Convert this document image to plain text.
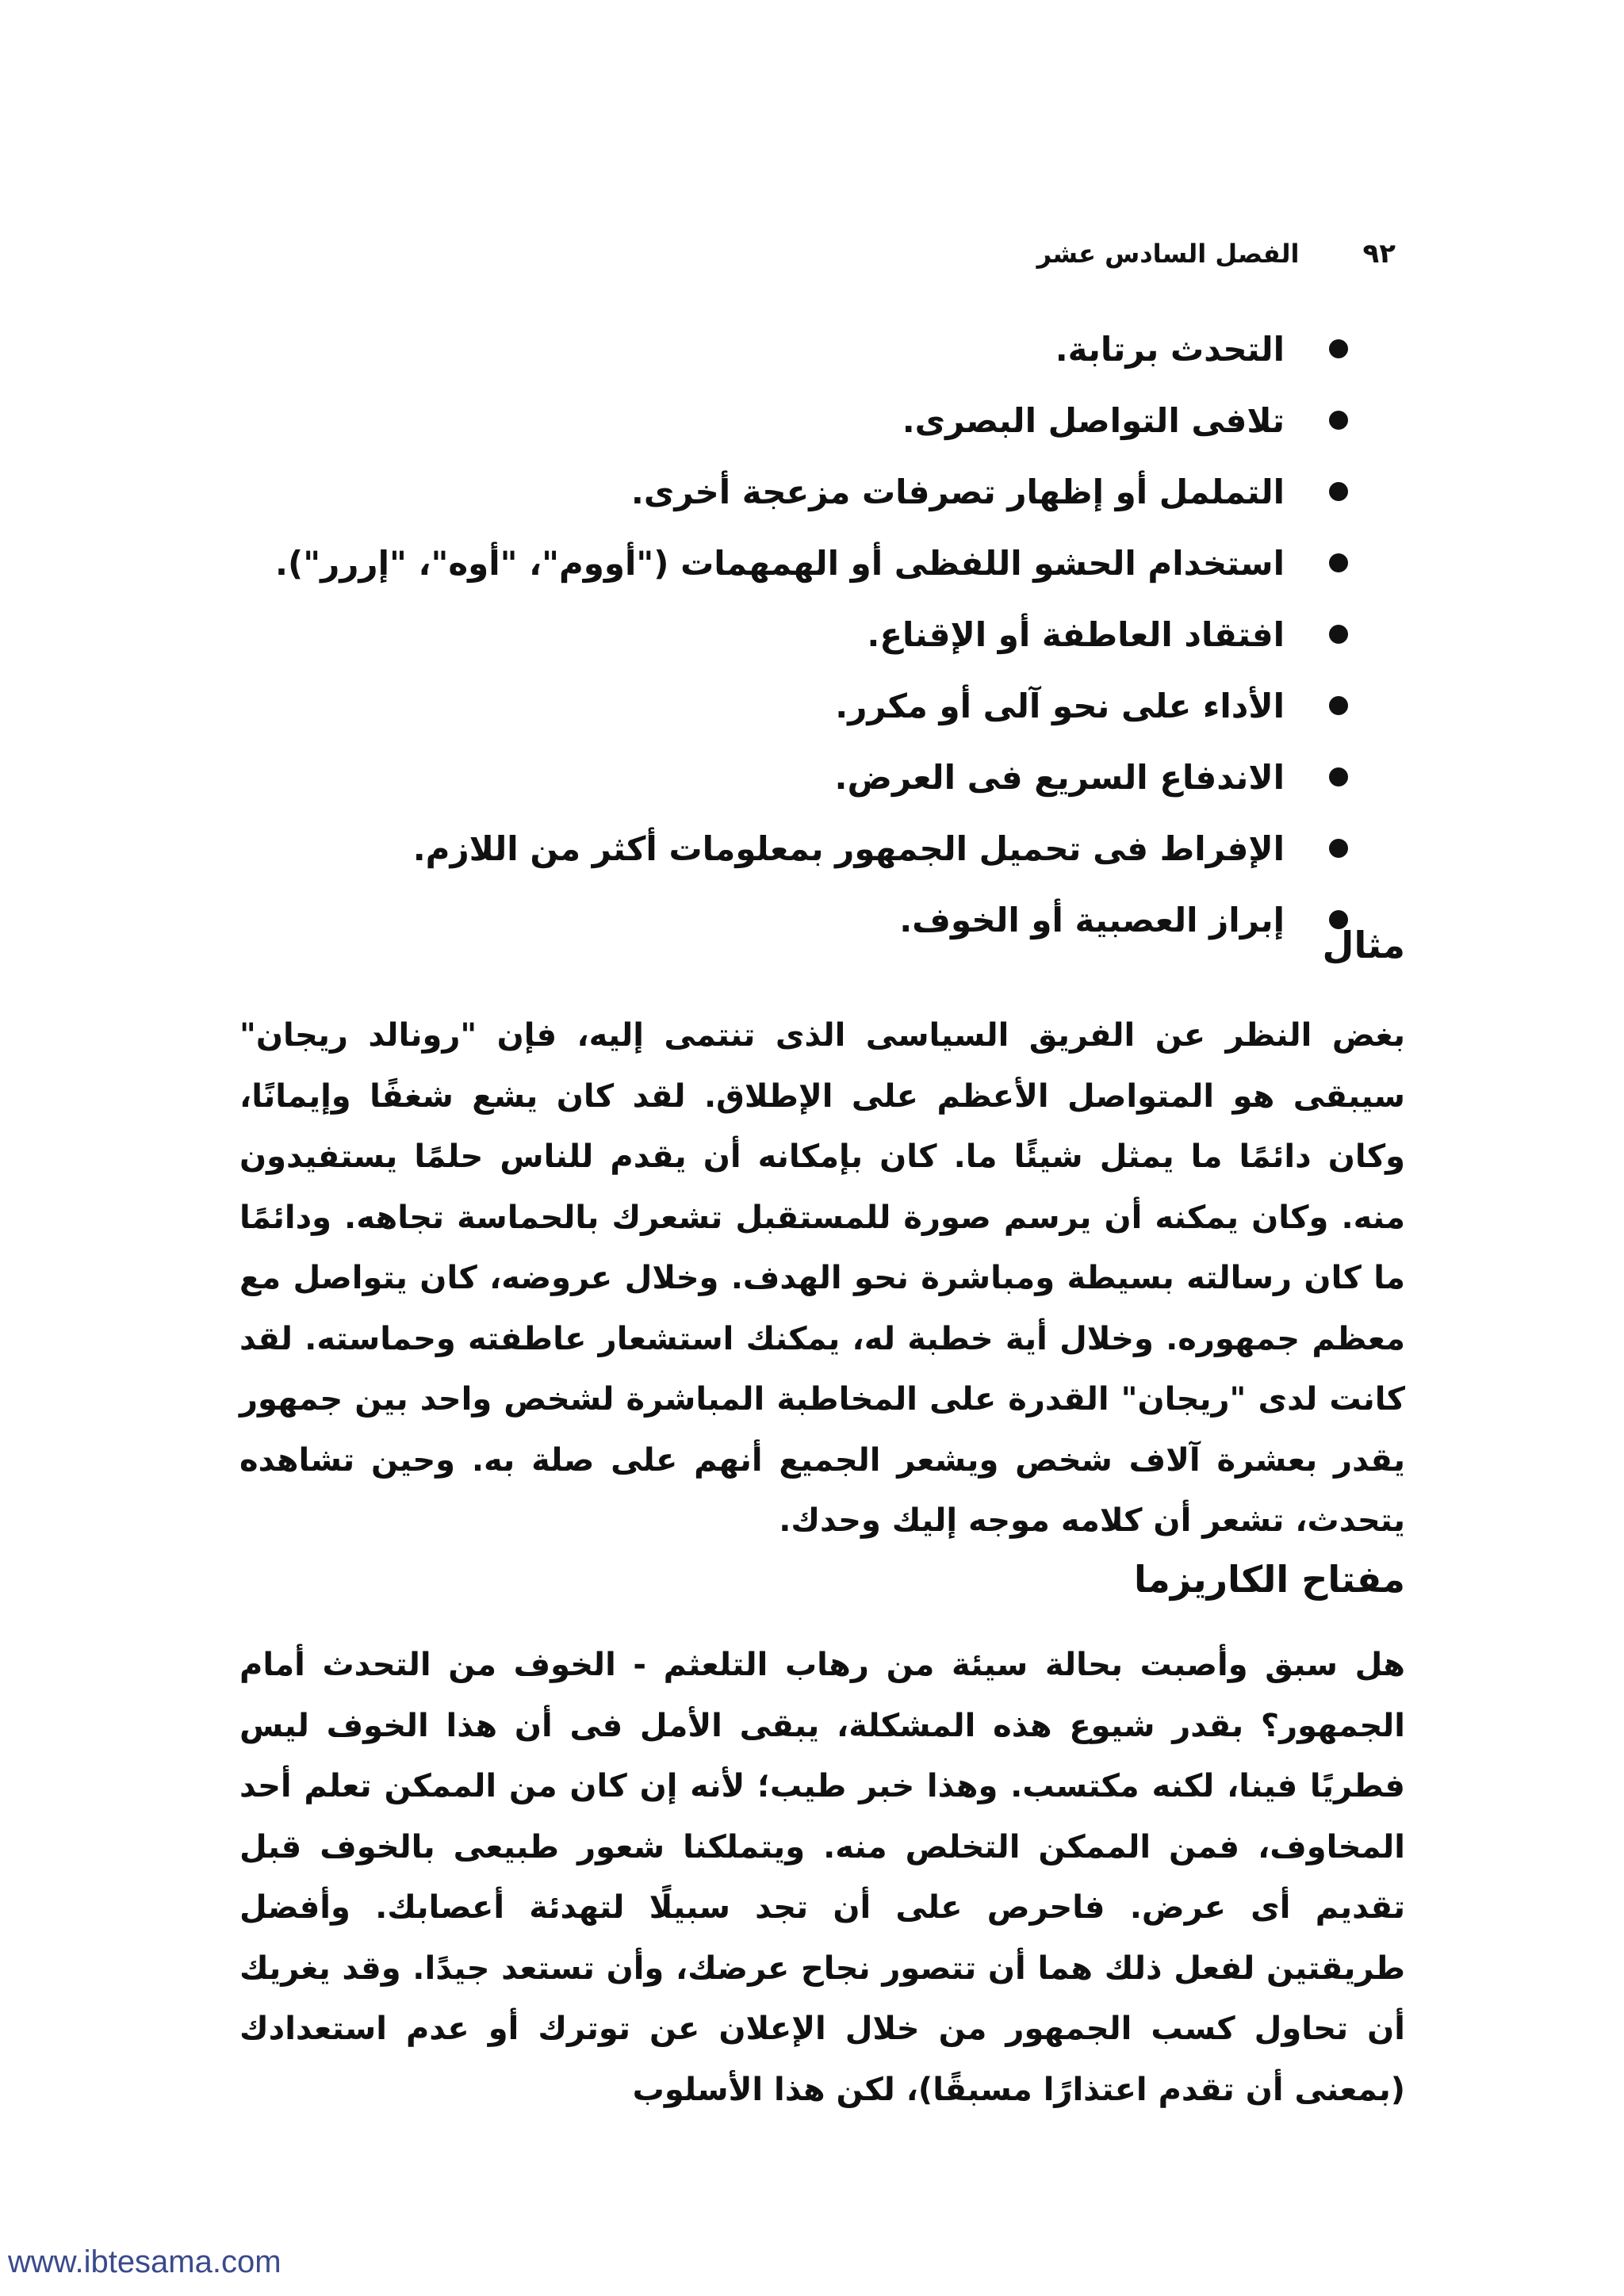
٩٢
الفصل السادس عشر
التحدث برتابة.
تلافى التواصل البصرى.
التململ أو إظهار تصرفات مزعجة أخرى.
استخدام الحشو اللفظى أو الهمهمات ("أووم"، "أوه"، "إررر").
افتقاد العاطفة أو الإقناع.
الأداء على نحو آلى أو مكرر.
الاندفاع السريع فى العرض.
الإفراط فى تحميل الجمهور بمعلومات أكثر من اللازم.
إبراز العصبية أو الخوف.
مثال

بغض النظر عن الفريق السياسى الذى تنتمى إليه، فإن "رونالد ريجان" سيبقى هو المتواصل الأعظم على الإطلاق. لقد كان يشع شغفًا وإيمانًا، وكان دائمًا ما يمثل شيئًا ما. كان بإمكانه أن يقدم للناس حلمًا يستفيدون منه. وكان يمكنه أن يرسم صورة للمستقبل تشعرك بالحماسة تجاهه. ودائمًا ما كان رسالته بسيطة ومباشرة نحو الهدف. وخلال عروضه، كان يتواصل مع معظم جمهوره. وخلال أية خطبة له، يمكنك استشعار عاطفته وحماسته. لقد كانت لدى "ريجان" القدرة على المخاطبة المباشرة لشخص واحد بين جمهور يقدر بعشرة آلاف شخص ويشعر الجميع أنهم على صلة به. وحين تشاهده يتحدث، تشعر أن كلامه موجه إليك وحدك.

مفتاح الكاريزما

هل سبق وأصبت بحالة سيئة من رهاب التلعثم - الخوف من التحدث أمام الجمهور؟ بقدر شيوع هذه المشكلة، يبقى الأمل فى أن هذا الخوف ليس فطريًا فينا، لكنه مكتسب. وهذا خبر طيب؛ لأنه إن كان من الممكن تعلم أحد المخاوف، فمن الممكن التخلص منه. ويتملكنا شعور طبيعى بالخوف قبل تقديم أى عرض. فاحرص على أن تجد سبيلًا لتهدئة أعصابك. وأفضل طريقتين لفعل ذلك هما أن تتصور نجاح عرضك، وأن تستعد جيدًا. وقد يغريك أن تحاول كسب الجمهور من خلال الإعلان عن توترك أو عدم استعدادك (بمعنى أن تقدم اعتذارًا مسبقًا)، لكن هذا الأسلوب

www.ibtesama.com
